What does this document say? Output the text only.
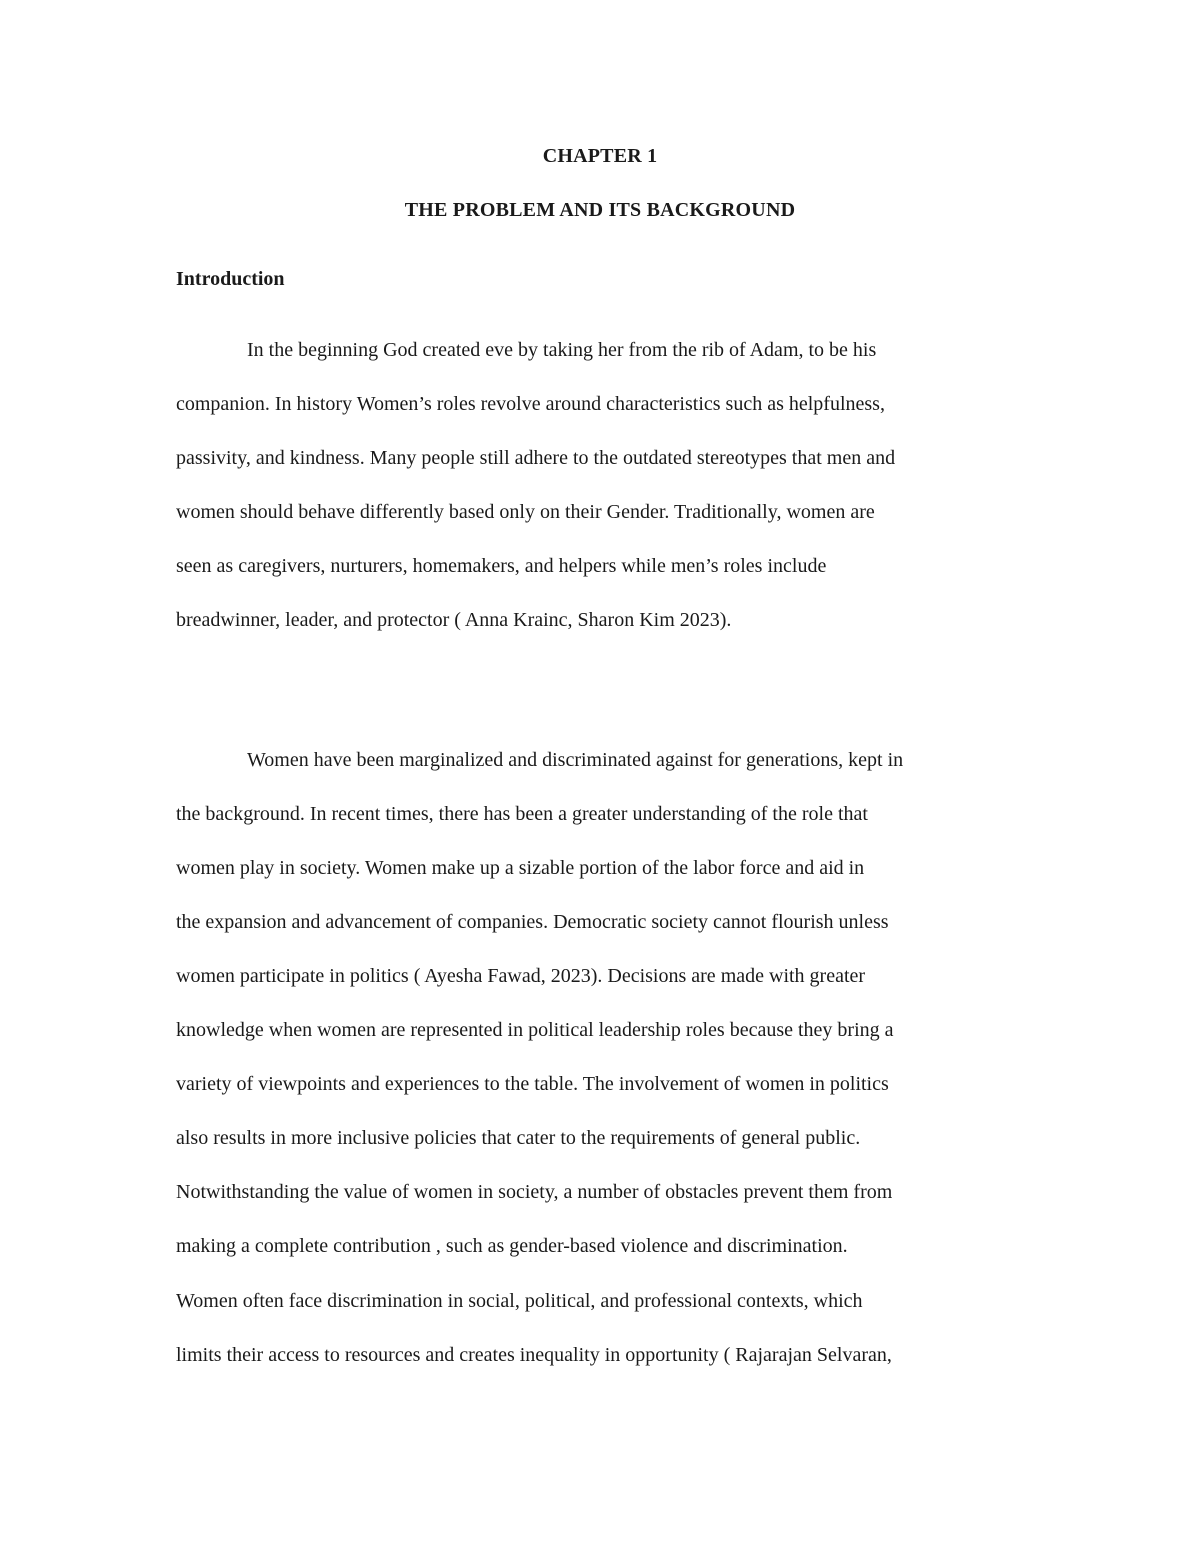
CHAPTER 1
THE PROBLEM AND ITS BACKGROUND
Introduction
In the beginning God created eve by taking her from the rib of Adam, to be his
companion. In history Women’s roles revolve around characteristics such as helpfulness,
passivity, and kindness. Many people still adhere to the outdated stereotypes that men and
women should behave differently based only on their Gender. Traditionally, women are
seen as caregivers, nurturers, homemakers, and helpers while men’s roles include
breadwinner, leader, and protector ( Anna Krainc, Sharon Kim 2023).
Women have been marginalized and discriminated against for generations, kept in
the background. In recent times, there has been a greater understanding of the role that
women play in society. Women make up a sizable portion of the labor force and aid in
the expansion and advancement of companies. Democratic society cannot flourish unless
women participate in politics ( Ayesha Fawad, 2023). Decisions are made with greater
knowledge when women are represented in political leadership roles because they bring a
variety of viewpoints and experiences to the table. The involvement of women in politics
also results in more inclusive policies that cater to the requirements of general public.
Notwithstanding the value of women in society, a number of obstacles prevent them from
making a complete contribution , such as gender-based violence and discrimination.
Women often face discrimination in social, political, and professional contexts, which
limits their access to resources and creates inequality in opportunity ( Rajarajan Selvaran,
